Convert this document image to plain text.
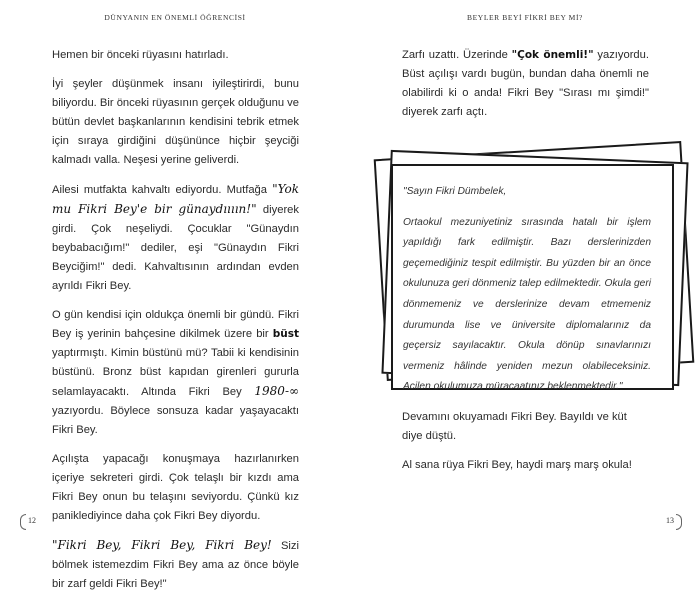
DÜNYANIN EN ÖNEMLİ ÖĞRENCİSİ

Hemen bir önceki rüyasını hatırladı.

İyi şeyler düşünmek insanı iyileştirirdi, bunu biliyordu. Bir önceki rüyasının gerçek olduğunu ve bütün devlet başkanlarının kendisini tebrik etmek için sıraya girdiğini düşününce hiçbir şeyciği kalmadı valla. Neşesi yerine geliverdi.

Ailesi mutfakta kahvaltı ediyordu. Mutfağa "Yok mu Fikri Bey'e bir günaydıııın!" diyerek girdi. Çok neşeliydi. Çocuklar "Günaydın beybabacığım!" dediler, eşi "Günaydın Fikri Beyciğim!" dedi. Kahvaltısının ardından evden ayrıldı Fikri Bey.

O gün kendisi için oldukça önemli bir gündü. Fikri Bey iş yerinin bahçesine dikilmek üzere bir büst yaptırmıştı. Kimin büstünü mü? Tabii ki kendisinin büstünü. Bronz büst kapıdan girenleri gururla selamlayacaktı. Altında Fikri Bey 1980-∞ yazıyordu. Böylece sonsuza kadar yaşayacaktı Fikri Bey.

Açılışta yapacağı konuşmaya hazırlanırken içeriye sekreteri girdi. Çok telaşlı bir kızdı ama Fikri Bey onun bu telaşını seviyordu. Çünkü kız paniklediyince daha çok Fikri Bey diyordu.

"Fikri Bey, Fikri Bey, Fikri Bey! Sizi bölmek istemezdim Fikri Bey ama az önce böyle bir zarf geldi Fikri Bey!"

12
BEYLER BEYİ FİKRİ BEY Mİ?

Zarfı uzattı. Üzerinde "Çok önemli!" yazıyordu. Büst açılışı vardı bugün, bundan daha önemli ne olabilirdi ki o anda! Fikri Bey "Sırası mı şimdi!" diyerek zarfı açtı.

"Sayın Fikri Dümbelek,

Ortaokul mezuniyetiniz sırasında hatalı bir işlem yapıldığı fark edilmiştir. Bazı derslerinizden geçemediğiniz tespit edilmiştir. Bu yüzden bir an önce okulunuza geri dönmeniz talep edilmektedir. Okula geri dönmemeniz ve derslerinize devam etmemeniz durumunda lise ve üniversite diplomalarınız da geçersiz sayılacaktır. Okula dönüp sınavlarınızı vermeniz hâlinde yeniden mezun olabileceksiniz. Acilen okulumuza müracaatınız beklenmektedir."

Devamını okuyamadı Fikri Bey. Bayıldı ve küt diye düştü.

Al sana rüya Fikri Bey, haydi marş marş okula!

13
